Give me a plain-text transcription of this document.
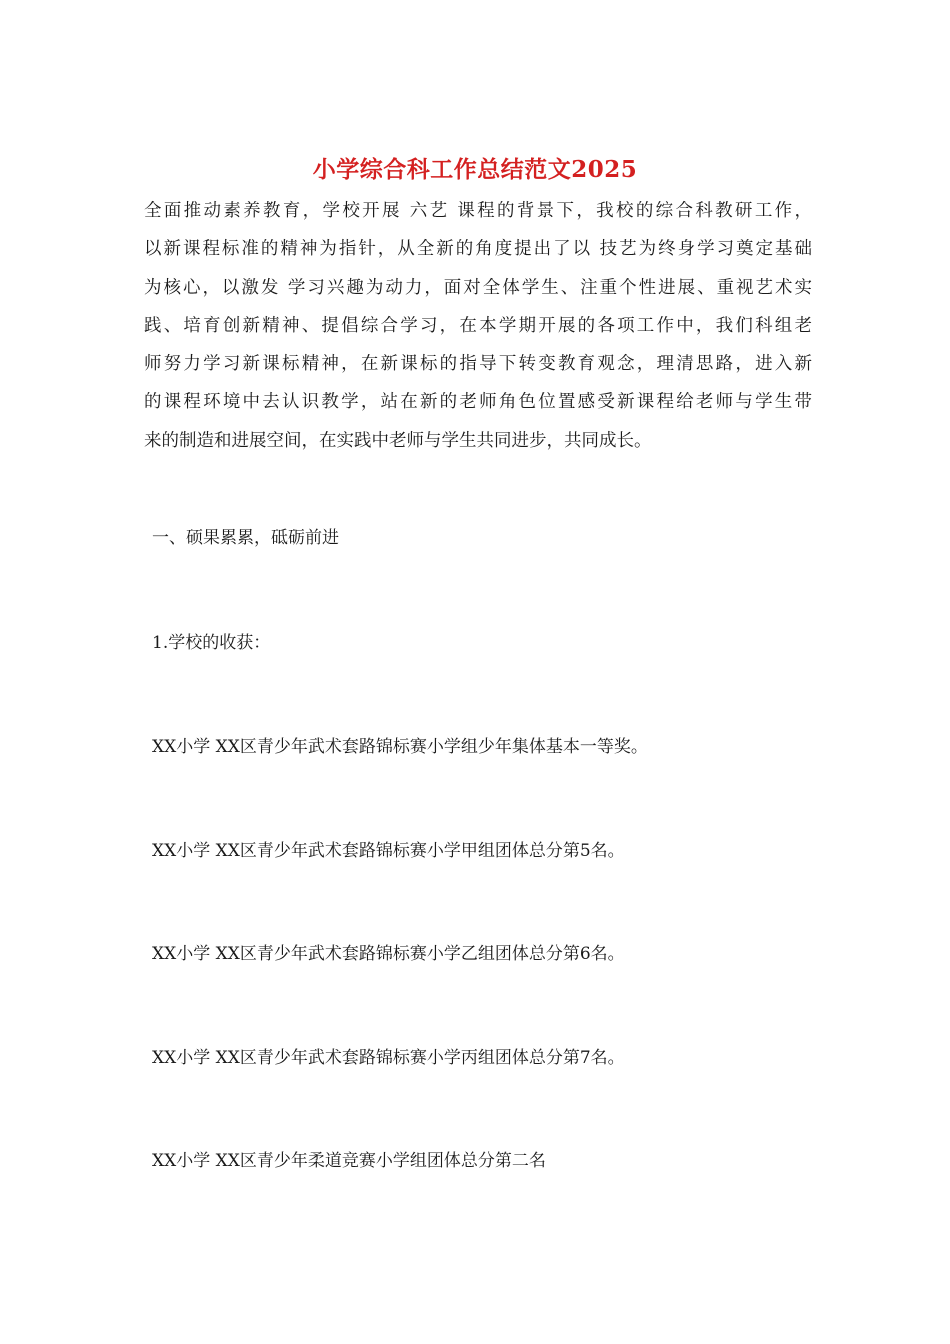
小学综合科工作总结范文2025
全面推动素养教育，学校开展 六艺 课程的背景下，我校的综合科教研工作，
以新课程标准的精神为指针，从全新的角度提出了以 技艺为终身学习奠定基础
为核心，以激发 学习兴趣为动力，面对全体学生、注重个性进展、重视艺术实
践、培育创新精神、提倡综合学习，在本学期开展的各项工作中，我们科组老
师努力学习新课标精神，在新课标的指导下转变教育观念，理清思路，进入新
的课程环境中去认识教学，站在新的老师角色位置感受新课程给老师与学生带
来的制造和进展空间，在实践中老师与学生共同进步，共同成长。

一、硕果累累，砥砺前进

1.学校的收获：

XX小学 XX区青少年武术套路锦标赛小学组少年集体基本一等奖。

XX小学 XX区青少年武术套路锦标赛小学甲组团体总分第5名。

XX小学 XX区青少年武术套路锦标赛小学乙组团体总分第6名。

XX小学 XX区青少年武术套路锦标赛小学丙组团体总分第7名。

XX小学 XX区青少年柔道竞赛小学组团体总分第二名
